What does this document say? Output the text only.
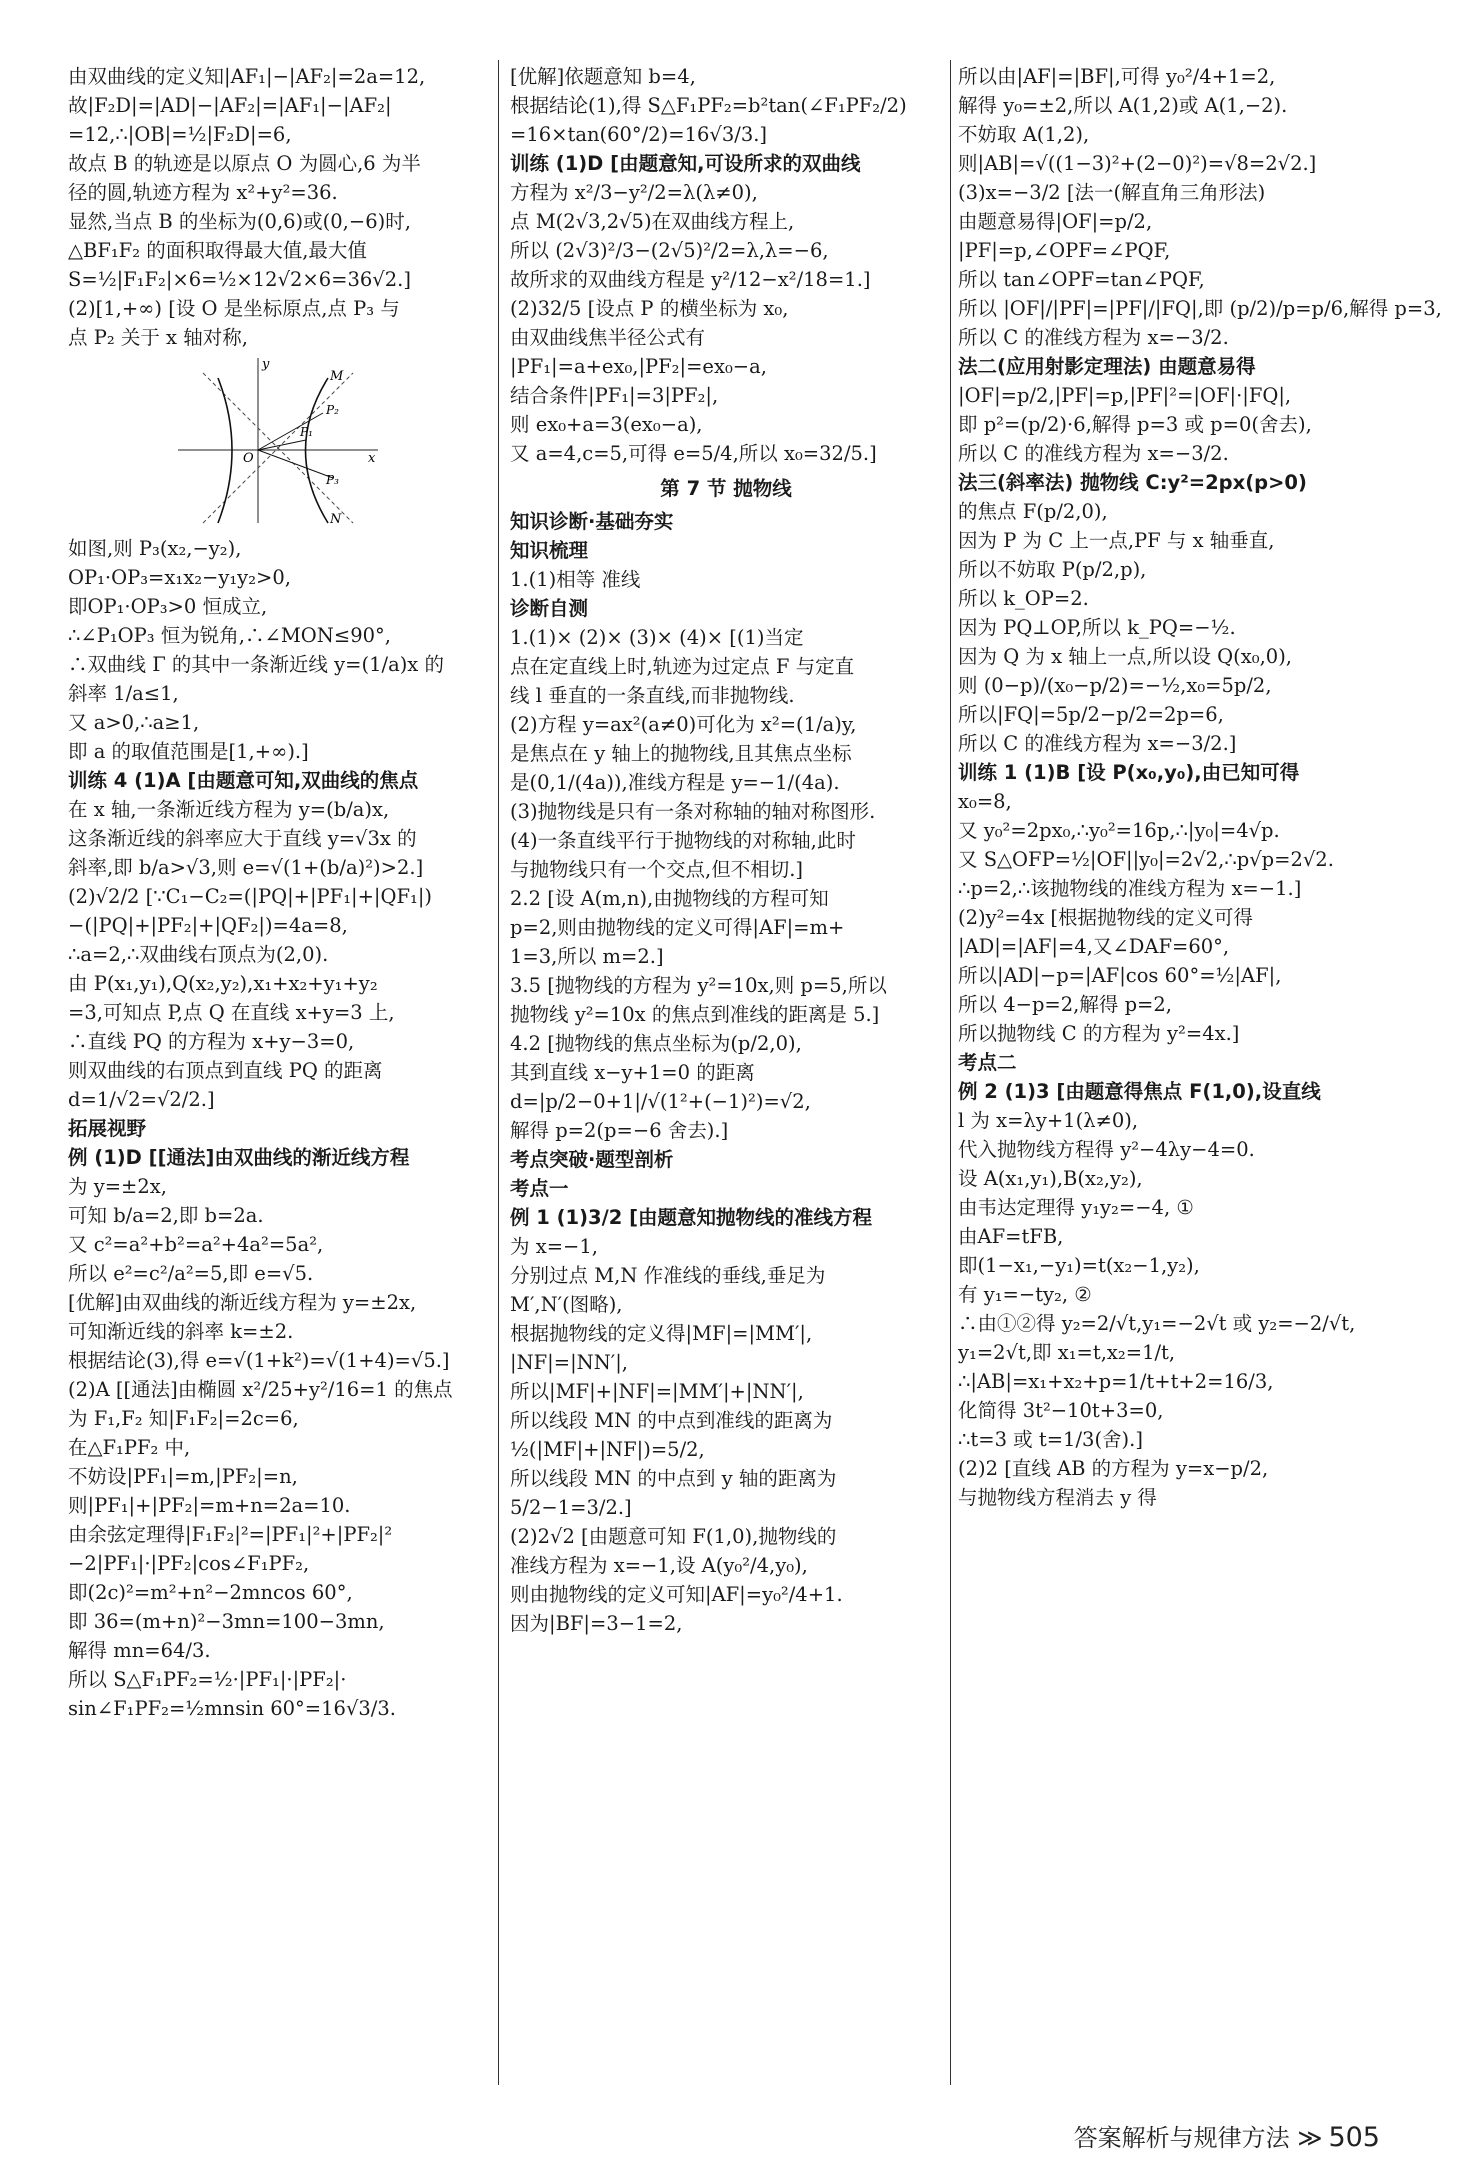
由双曲线的定义知|AF₁|−|AF₂|=2a=12,
故|F₂D|=|AD|−|AF₂|=|AF₁|−|AF₂|
=12,∴|OB|=½|F₂D|=6,
故点 B 的轨迹是以原点 O 为圆心,6 为半
径的圆,轨迹方程为 x²+y²=36.
显然,当点 B 的坐标为(0,6)或(0,−6)时,
△BF₁F₂ 的面积取得最大值,最大值
S=½|F₁F₂|×6=½×12√2×6=36√2.]
(2)[1,+∞) [设 O 是坐标原点,点 P₃ 与
点 P₂ 关于 x 轴对称,
y
M
P₂
P₁
O	x
P₃
N
如图,则 P₃(x₂,−y₂),
OP₁·OP₃=x₁x₂−y₁y₂>0,
即OP₁·OP₃>0 恒成立,
∴∠P₁OP₃ 恒为锐角,∴∠MON≤90°,
∴双曲线 Γ 的其中一条渐近线 y=(1/a)x 的
斜率 1/a≤1,
又 a>0,∴a≥1,
即 a 的取值范围是[1,+∞).]
训练 4 (1)A [由题意可知,双曲线的焦点
在 x 轴,一条渐近线方程为 y=(b/a)x,
这条渐近线的斜率应大于直线 y=√3x 的
斜率,即 b/a>√3,则 e=√(1+(b/a)²)>2.]
(2)√2/2 [∵C₁−C₂=(|PQ|+|PF₁|+|QF₁|)
−(|PQ|+|PF₂|+|QF₂|)=4a=8,
∴a=2,∴双曲线右顶点为(2,0).
由 P(x₁,y₁),Q(x₂,y₂),x₁+x₂+y₁+y₂
=3,可知点 P,点 Q 在直线 x+y=3 上,
∴直线 PQ 的方程为 x+y−3=0,
则双曲线的右顶点到直线 PQ 的距离
d=1/√2=√2/2.]
拓展视野
例 (1)D [[通法]由双曲线的渐近线方程
为 y=±2x,
可知 b/a=2,即 b=2a.
又 c²=a²+b²=a²+4a²=5a²,
所以 e²=c²/a²=5,即 e=√5.
[优解]由双曲线的渐近线方程为 y=±2x,
可知渐近线的斜率 k=±2.
根据结论(3),得 e=√(1+k²)=√(1+4)=√5.]
(2)A [[通法]由椭圆 x²/25+y²/16=1 的焦点
为 F₁,F₂ 知|F₁F₂|=2c=6,
在△F₁PF₂ 中,
不妨设|PF₁|=m,|PF₂|=n,
则|PF₁|+|PF₂|=m+n=2a=10.
由余弦定理得|F₁F₂|²=|PF₁|²+|PF₂|²
−2|PF₁|·|PF₂|cos∠F₁PF₂,
即(2c)²=m²+n²−2mncos 60°,
即 36=(m+n)²−3mn=100−3mn,
解得 mn=64/3.
所以 S△F₁PF₂=½·|PF₁|·|PF₂|·
sin∠F₁PF₂=½mnsin 60°=16√3/3.
[优解]依题意知 b=4,
根据结论(1),得 S△F₁PF₂=b²tan(∠F₁PF₂/2)
=16×tan(60°/2)=16√3/3.]
训练 (1)D [由题意知,可设所求的双曲线
方程为 x²/3−y²/2=λ(λ≠0),
点 M(2√3,2√5)在双曲线方程上,
所以 (2√3)²/3−(2√5)²/2=λ,λ=−6,
故所求的双曲线方程是 y²/12−x²/18=1.]
(2)32/5 [设点 P 的横坐标为 x₀,
由双曲线焦半径公式有
|PF₁|=a+ex₀,|PF₂|=ex₀−a,
结合条件|PF₁|=3|PF₂|,
则 ex₀+a=3(ex₀−a),
又 a=4,c=5,可得 e=5/4,所以 x₀=32/5.]
第 7 节 抛物线
知识诊断·基础夯实
知识梳理
1.(1)相等 准线
诊断自测
1.(1)× (2)× (3)× (4)× [(1)当定
点在定直线上时,轨迹为过定点 F 与定直
线 l 垂直的一条直线,而非抛物线.
(2)方程 y=ax²(a≠0)可化为 x²=(1/a)y,
是焦点在 y 轴上的抛物线,且其焦点坐标
是(0,1/(4a)),准线方程是 y=−1/(4a).
(3)抛物线是只有一条对称轴的轴对称图形.
(4)一条直线平行于抛物线的对称轴,此时
与抛物线只有一个交点,但不相切.]
2.2 [设 A(m,n),由抛物线的方程可知
p=2,则由抛物线的定义可得|AF|=m+
1=3,所以 m=2.]
3.5 [抛物线的方程为 y²=10x,则 p=5,所以
抛物线 y²=10x 的焦点到准线的距离是 5.]
4.2 [抛物线的焦点坐标为(p/2,0),
其到直线 x−y+1=0 的距离
d=|p/2−0+1|/√(1²+(−1)²)=√2,
解得 p=2(p=−6 舍去).]
考点突破·题型剖析
考点一
例 1 (1)3/2 [由题意知抛物线的准线方程
为 x=−1,
分别过点 M,N 作准线的垂线,垂足为
M′,N′(图略),
根据抛物线的定义得|MF|=|MM′|,
|NF|=|NN′|,
所以|MF|+|NF|=|MM′|+|NN′|,
所以线段 MN 的中点到准线的距离为
½(|MF|+|NF|)=5/2,
所以线段 MN 的中点到 y 轴的距离为
5/2−1=3/2.]
(2)2√2 [由题意可知 F(1,0),抛物线的
准线方程为 x=−1,设 A(y₀²/4,y₀),
则由抛物线的定义可知|AF|=y₀²/4+1.
因为|BF|=3−1=2,
所以由|AF|=|BF|,可得 y₀²/4+1=2,
解得 y₀=±2,所以 A(1,2)或 A(1,−2).
不妨取 A(1,2),
则|AB|=√((1−3)²+(2−0)²)=√8=2√2.]
(3)x=−3/2 [法一(解直角三角形法)
由题意易得|OF|=p/2,
|PF|=p,∠OPF=∠PQF,
所以 tan∠OPF=tan∠PQF,
所以 |OF|/|PF|=|PF|/|FQ|,即 (p/2)/p=p/6,解得 p=3,
所以 C 的准线方程为 x=−3/2.
法二(应用射影定理法) 由题意易得
|OF|=p/2,|PF|=p,|PF|²=|OF|·|FQ|,
即 p²=(p/2)·6,解得 p=3 或 p=0(舍去),
所以 C 的准线方程为 x=−3/2.
法三(斜率法) 抛物线 C:y²=2px(p>0)
的焦点 F(p/2,0),
因为 P 为 C 上一点,PF 与 x 轴垂直,
所以不妨取 P(p/2,p),
所以 k_OP=2.
因为 PQ⊥OP,所以 k_PQ=−½.
因为 Q 为 x 轴上一点,所以设 Q(x₀,0),
则 (0−p)/(x₀−p/2)=−½,x₀=5p/2,
所以|FQ|=5p/2−p/2=2p=6,
所以 C 的准线方程为 x=−3/2.]
训练 1 (1)B [设 P(x₀,y₀),由已知可得
x₀=8,
又 y₀²=2px₀,∴y₀²=16p,∴|y₀|=4√p.
又 S△OFP=½|OF||y₀|=2√2,∴p√p=2√2.
∴p=2,∴该抛物线的准线方程为 x=−1.]
(2)y²=4x [根据抛物线的定义可得
|AD|=|AF|=4,又∠DAF=60°,
所以|AD|−p=|AF|cos 60°=½|AF|,
所以 4−p=2,解得 p=2,
所以抛物线 C 的方程为 y²=4x.]
考点二
例 2 (1)3 [由题意得焦点 F(1,0),设直线
l 为 x=λy+1(λ≠0),
代入抛物线方程得 y²−4λy−4=0.
设 A(x₁,y₁),B(x₂,y₂),
由韦达定理得 y₁y₂=−4, ①
由AF=tFB,
即(1−x₁,−y₁)=t(x₂−1,y₂),
有 y₁=−ty₂, ②
∴由①②得 y₂=2/√t,y₁=−2√t 或 y₂=−2/√t,
y₁=2√t,即 x₁=t,x₂=1/t,
∴|AB|=x₁+x₂+p=1/t+t+2=16/3,
化简得 3t²−10t+3=0,
∴t=3 或 t=1/3(舍).]
(2)2 [直线 AB 的方程为 y=x−p/2,
与抛物线方程消去 y 得
答案解析与规律方法 ≫ 505
